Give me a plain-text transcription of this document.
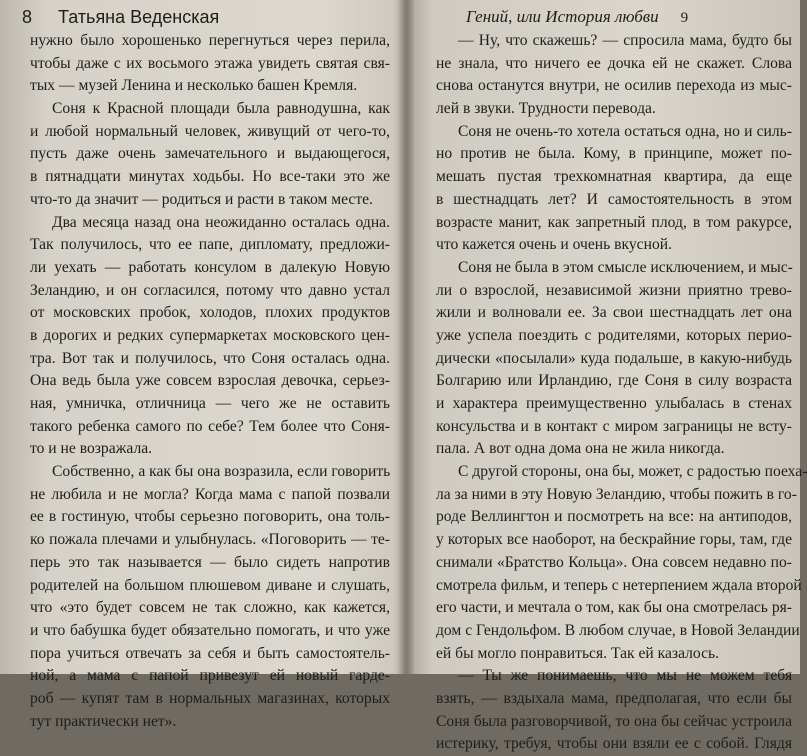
8 Татьяна Веденская
нужно было хорошенько перегнуться через перила,
чтобы даже с их восьмого этажа увидеть святая свя-
тых — музей Ленина и несколько башен Кремля.
Соня к Красной площади была равнодушна, как
и любой нормальный человек, живущий от чего-то,
пусть даже очень замечательного и выдающегося,
в пятнадцати минутах ходьбы. Но все-таки это же
что-то да значит — родиться и расти в таком месте.
Два месяца назад она неожиданно осталась одна.
Так получилось, что ее папе, дипломату, предложи-
ли уехать — работать консулом в далекую Новую
Зеландию, и он согласился, потому что давно устал
от московских пробок, холодов, плохих продуктов
в дорогих и редких супермаркетах московского цен-
тра. Вот так и получилось, что Соня осталась одна.
Она ведь была уже совсем взрослая девочка, серьез-
ная, умничка, отличница — чего же не оставить
такого ребенка самого по себе? Тем более что Соня-
то и не возражала.
Собственно, а как бы она возразила, если говорить
не любила и не могла? Когда мама с папой позвали
ее в гостиную, чтобы серьезно поговорить, она толь-
ко пожала плечами и улыбнулась. «Поговорить — те-
перь это так называется — было сидеть напротив
родителей на большом плюшевом диване и слушать,
что «это будет совсем не так сложно, как кажется,
и что бабушка будет обязательно помогать, и что уже
пора учиться отвечать за себя и быть самостоятель-
ной, а мама с папой привезут ей новый гарде-
роб — купят там в нормальных магазинах, которых
тут практически нет».
Гений, или История любви 9
— Ну, что скажешь? — спросила мама, будто бы
не знала, что ничего ее дочка ей не скажет. Слова
снова останутся внутри, не осилив перехода из мыс-
лей в звуки. Трудности перевода.
Соня не очень-то хотела остаться одна, но и силь-
но против не была. Кому, в принципе, может по-
мешать пустая трехкомнатная квартира, да еще
в шестнадцать лет? И самостоятельность в этом
возрасте манит, как запретный плод, в том ракурсе,
что кажется очень и очень вкусной.
Соня не была в этом смысле исключением, и мыс-
ли о взрослой, независимой жизни приятно трево-
жили и волновали ее. За свои шестнадцать лет она
уже успела поездить с родителями, которых перио-
дически «посылали» куда подальше, в какую-нибудь
Болгарию или Ирландию, где Соня в силу возраста
и характера преимущественно улыбалась в стенах
консульства и в контакт с миром заграницы не всту-
пала. А вот одна дома она не жила никогда.
С другой стороны, она бы, может, с радостью поеха-
ла за ними в эту Новую Зеландию, чтобы пожить в го-
роде Веллингтон и посмотреть на все: на антиподов,
у которых все наоборот, на бескрайние горы, там, где
снимали «Братство Кольца». Она совсем недавно по-
смотрела фильм, и теперь с нетерпением ждала второй
его части, и мечтала о том, как бы она смотрелась ря-
дом с Гендольфом. В любом случае, в Новой Зеландии
ей бы могло понравиться. Так ей казалось.
— Ты же понимаешь, что мы не можем тебя
взять, — вздыхала мама, предполагая, что если бы
Соня была разговорчивой, то она бы сейчас устроила
истерику, требуя, чтобы они взяли ее с собой. Глядя
